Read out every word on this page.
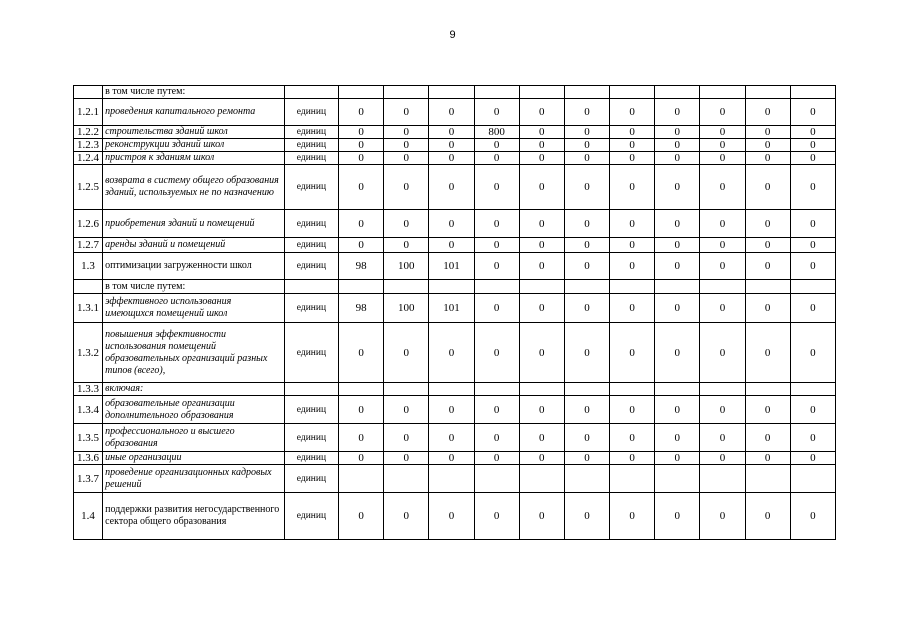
9
	в том числе путем:												
1.2.1	проведения капитального ремонта	единиц	0	0	0	0	0	0	0	0	0	0	0
1.2.2	строительства зданий школ	единиц	0	0	0	800	0	0	0	0	0	0	0
1.2.3	реконструкции зданий школ	единиц	0	0	0	0	0	0	0	0	0	0	0
1.2.4	пристроя к зданиям школ	единиц	0	0	0	0	0	0	0	0	0	0	0
1.2.5	возврата в систему общего образования зданий, используемых не по назначению	единиц	0	0	0	0	0	0	0	0	0	0	0
1.2.6	приобретения зданий и помещений	единиц	0	0	0	0	0	0	0	0	0	0	0
1.2.7	аренды зданий и помещений	единиц	0	0	0	0	0	0	0	0	0	0	0
1.3	оптимизации загруженности школ	единиц	98	100	101	0	0	0	0	0	0	0	0
	в том числе путем:												
1.3.1	эффективного использования имеющихся помещений школ	единиц	98	100	101	0	0	0	0	0	0	0	0
1.3.2	повышения эффективности использования помещений образовательных организаций разных типов (всего),	единиц	0	0	0	0	0	0	0	0	0	0	0
1.3.3	включая:												
1.3.4	образовательные организации дополнительного образования	единиц	0	0	0	0	0	0	0	0	0	0	0
1.3.5	профессионального и высшего образования	единиц	0	0	0	0	0	0	0	0	0	0	0
1.3.6	иные организации	единиц	0	0	0	0	0	0	0	0	0	0	0
1.3.7	проведение организационных кадровых решений	единиц											
1.4	поддержки развития негосударственного сектора общего образования	единиц	0	0	0	0	0	0	0	0	0	0	0
